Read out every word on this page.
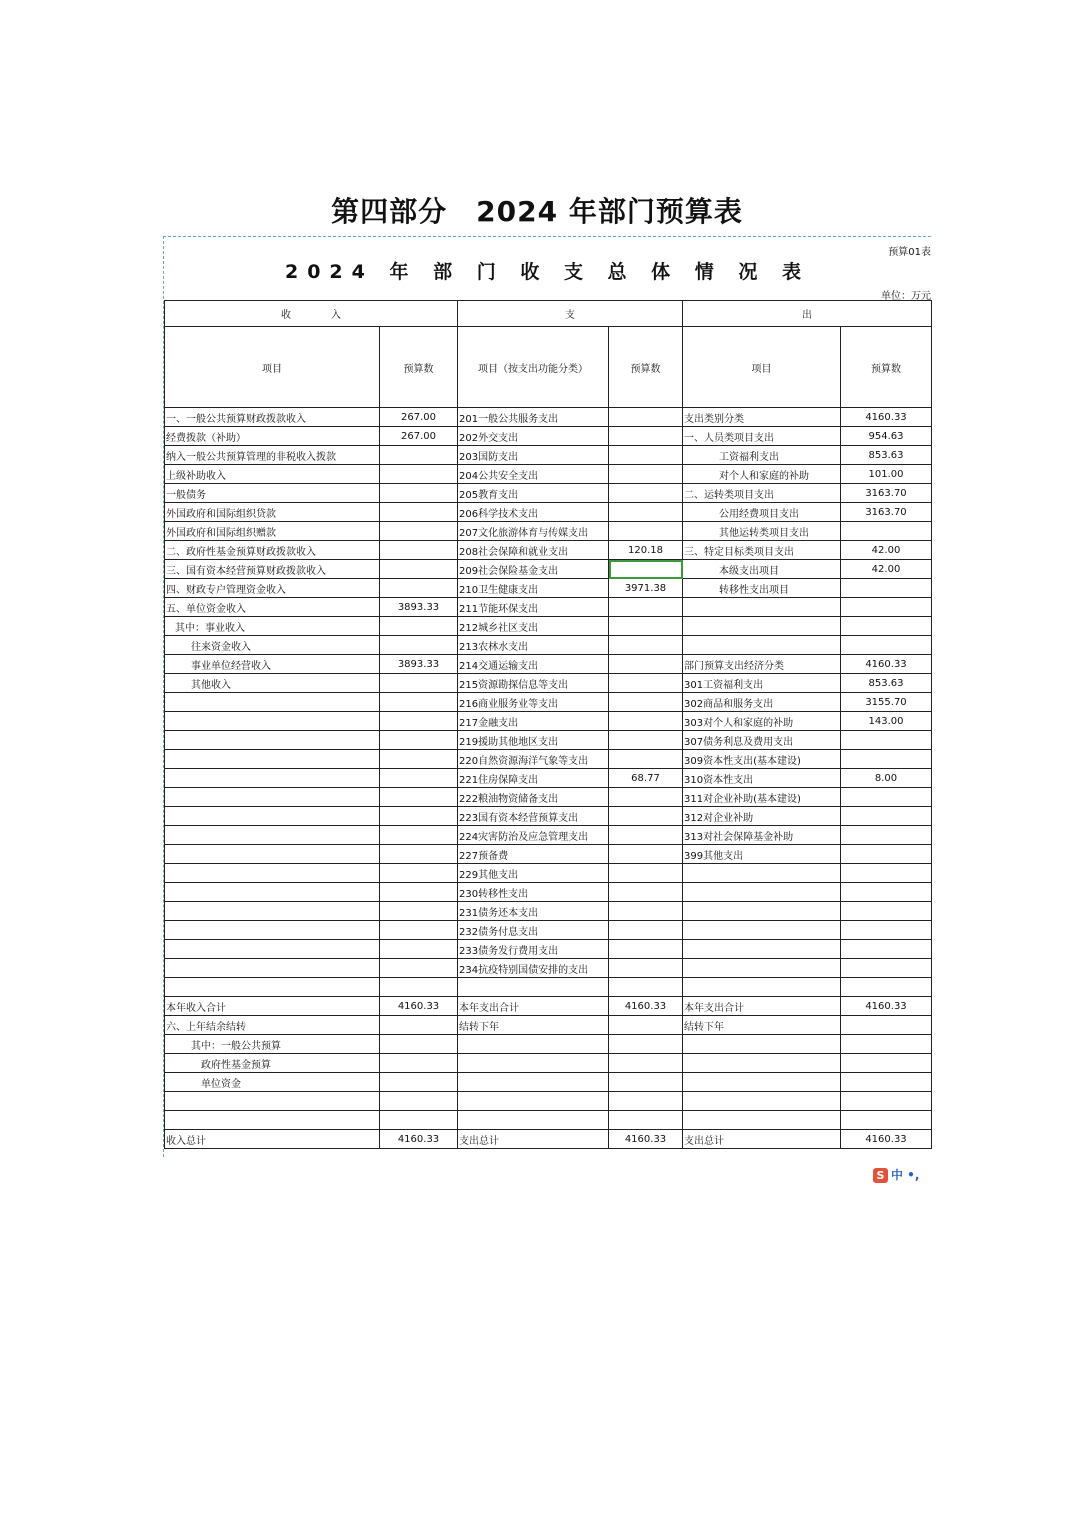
第四部分　2024 年部门预算表
预算01表
2024 年 部 门 收 支 总 体 情 况 表
单位：万元
收　　　　入		支		出	
项目	预算数	项目（按支出功能分类）	预算数	项目	预算数
一、一般公共预算财政拨款收入	267.00	201一般公共服务支出		支出类别分类	4160.33
经费拨款（补助）	267.00	202外交支出		一、人员类项目支出	954.63
纳入一般公共预算管理的非税收入拨款		203国防支出		工资福利支出	853.63
上级补助收入		204公共安全支出		对个人和家庭的补助	101.00
一般债务		205教育支出		二、运转类项目支出	3163.70
外国政府和国际组织贷款		206科学技术支出		公用经费项目支出	3163.70
外国政府和国际组织赠款		207文化旅游体育与传媒支出		其他运转类项目支出	
二、政府性基金预算财政拨款收入		208社会保障和就业支出	120.18	三、特定目标类项目支出	42.00
三、国有资本经营预算财政拨款收入		209社会保险基金支出		本级支出项目	42.00
四、财政专户管理资金收入		210卫生健康支出	3971.38	转移性支出项目	
五、单位资金收入	3893.33	211节能环保支出			
其中：事业收入		212城乡社区支出			
往来资金收入		213农林水支出			
事业单位经营收入	3893.33	214交通运输支出		部门预算支出经济分类	4160.33
其他收入		215资源勘探信息等支出		301工资福利支出	853.63
		216商业服务业等支出		302商品和服务支出	3155.70
		217金融支出		303对个人和家庭的补助	143.00
		219援助其他地区支出		307债务利息及费用支出	
		220自然资源海洋气象等支出		309资本性支出(基本建设)	
		221住房保障支出	68.77	310资本性支出	8.00
		222粮油物资储备支出		311对企业补助(基本建设)	
		223国有资本经营预算支出		312对企业补助	
		224灾害防治及应急管理支出		313对社会保障基金补助	
		227预备费		399其他支出	
		229其他支出			
		230转移性支出			
		231债务还本支出			
		232债务付息支出			
		233债务发行费用支出			
		234抗疫特别国债安排的支出			

本年收入合计	4160.33	本年支出合计	4160.33	本年支出合计	4160.33
六、上年结余结转		结转下年		结转下年	
其中：一般公共预算					
政府性基金预算					
单位资金					

收入总计	4160.33	支出总计	4160.33	支出总计	4160.33
S 中 •,
